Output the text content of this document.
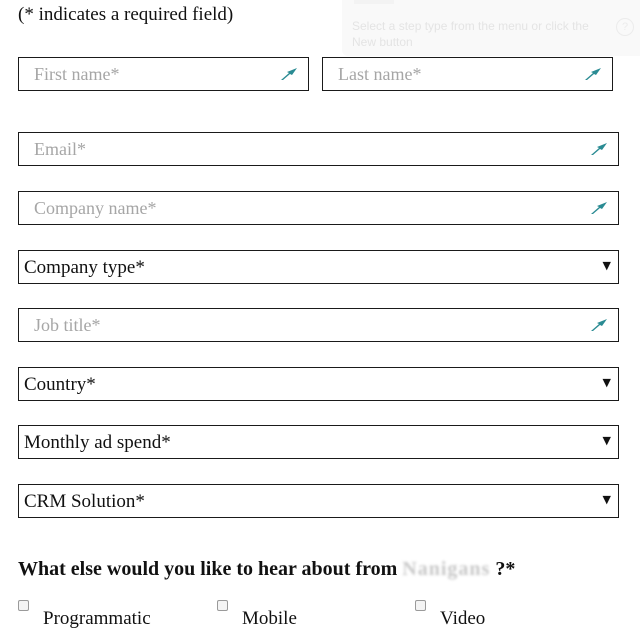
Select a step type from the menu or click the New button
?
(* indicates a required field)
First name*
Last name*
Email*
Company name*
Company type*	▼
Job title*
Country*	▼
Monthly ad spend*	▼
CRM Solution*	▼
What else would you like to hear about from Nanigans ?*
Programmatic	Mobile	Video
